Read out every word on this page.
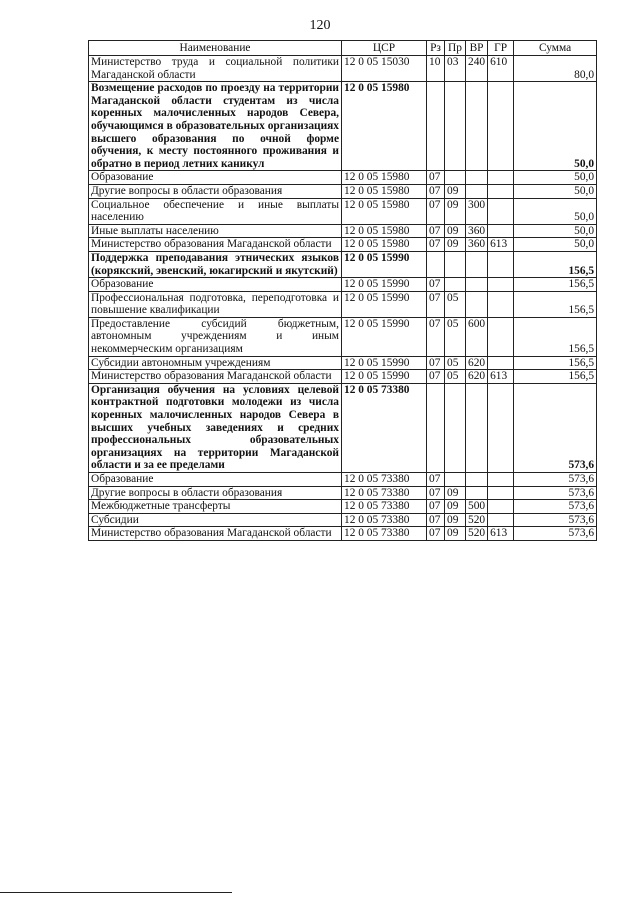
120
Наименование	ЦСР	Рз	Пр	ВР	ГР	Сумма
Министерство труда и социальной политики Магаданской области	12 0 05 15030	10	03	240	610	80,0
Возмещение расходов по проезду на территории Магаданской области студентам из числа коренных малочисленных народов Севера, обучающимся в образовательных организациях высшего образования по очной форме обучения, к месту постоянного проживания и обратно в период летних каникул	12 0 05 15980					50,0
Образование	12 0 05 15980	07				50,0
Другие вопросы в области образования	12 0 05 15980	07	09			50,0
Социальное обеспечение и иные выплаты населению	12 0 05 15980	07	09	300		50,0
Иные выплаты населению	12 0 05 15980	07	09	360		50,0
Министерство образования Магаданской области	12 0 05 15980	07	09	360	613	50,0
Поддержка преподавания этнических языков (корякский, эвенский, юкагирский и якутский)	12 0 05 15990					156,5
Образование	12 0 05 15990	07				156,5
Профессиональная подготовка, переподготовка и повышение квалификации	12 0 05 15990	07	05			156,5
Предоставление субсидий бюджетным, автономным учреждениям и иным некоммерческим организациям	12 0 05 15990	07	05	600		156,5
Субсидии автономным учреждениям	12 0 05 15990	07	05	620		156,5
Министерство образования Магаданской области	12 0 05 15990	07	05	620	613	156,5
Организация обучения на условиях целевой контрактной подготовки молодежи из числа коренных малочисленных народов Севера в высших учебных заведениях и средних профессиональных образовательных организациях на территории Магаданской области и за ее пределами	12 0 05 73380					573,6
Образование	12 0 05 73380	07				573,6
Другие вопросы в области образования	12 0 05 73380	07	09			573,6
Межбюджетные трансферты	12 0 05 73380	07	09	500		573,6
Субсидии	12 0 05 73380	07	09	520		573,6
Министерство образования Магаданской области	12 0 05 73380	07	09	520	613	573,6
